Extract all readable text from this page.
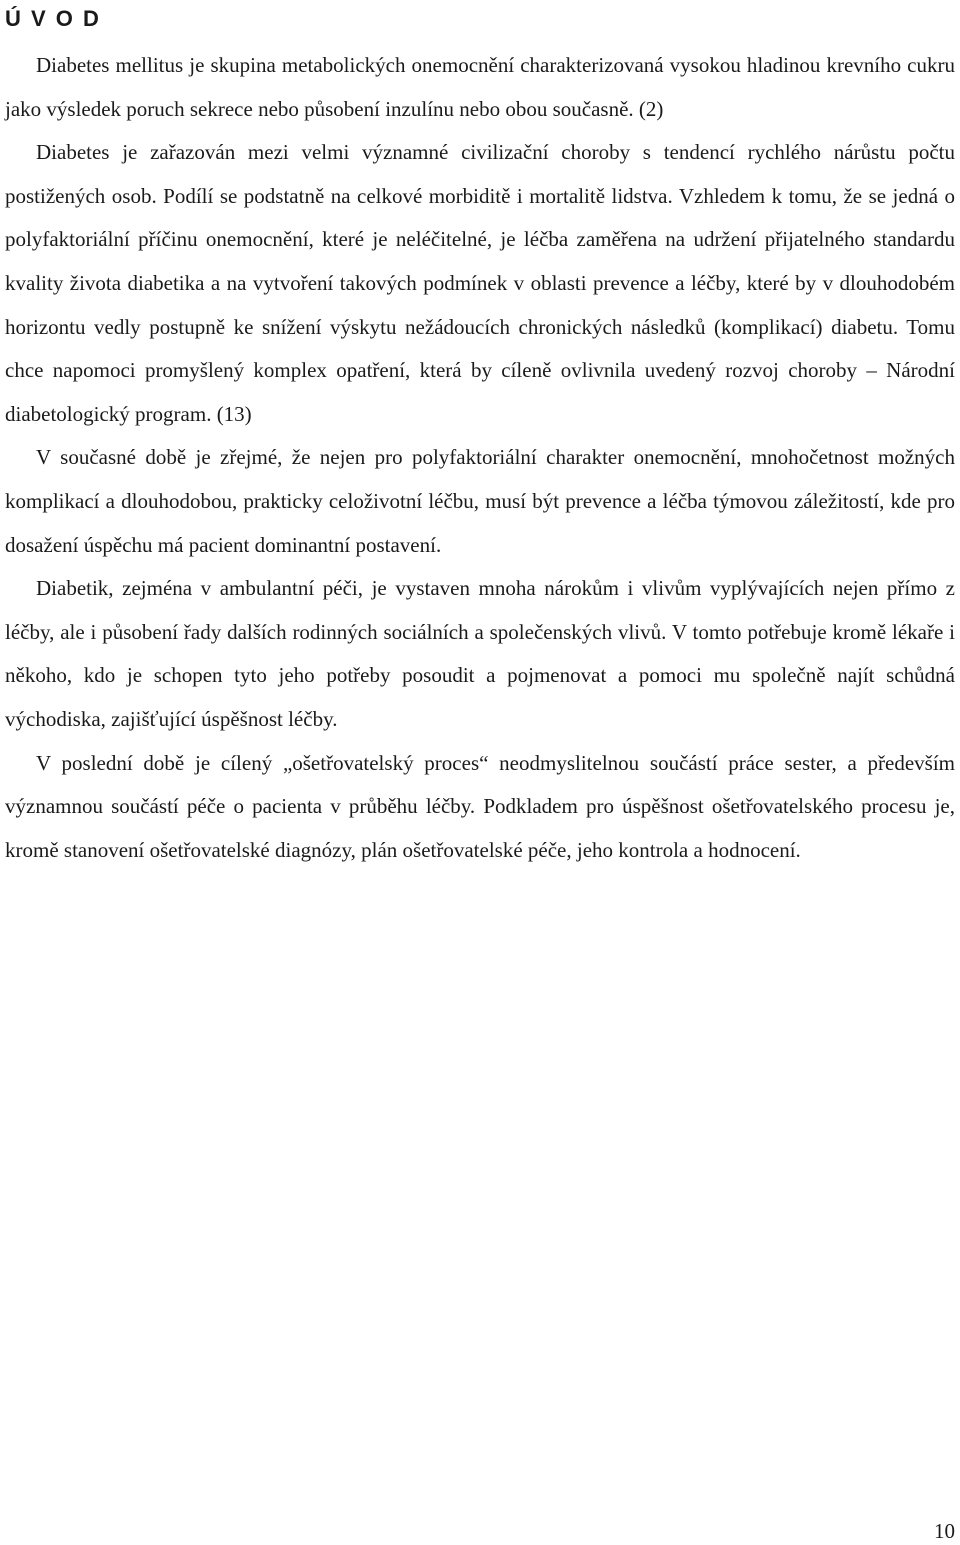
Ú V O D

Diabetes mellitus je skupina metabolických onemocnění charakterizovaná vysokou hladinou krevního cukru jako výsledek poruch sekrece nebo působení inzulínu nebo obou současně. (2)

Diabetes je zařazován mezi velmi významné civilizační choroby s tendencí rychlého nárůstu počtu postižených osob. Podílí se podstatně na celkové morbiditě i mortalitě lidstva. Vzhledem k tomu, že se jedná o polyfaktoriální příčinu onemocnění, které je neléčitelné, je léčba zaměřena na udržení přijatelného standardu kvality života diabetika a na vytvoření takových podmínek v oblasti prevence a léčby, které by v dlouhodobém horizontu vedly postupně ke snížení výskytu nežádoucích chronických následků (komplikací) diabetu. Tomu chce napomoci promyšlený komplex opatření, která by cíleně ovlivnila uvedený rozvoj choroby – Národní diabetologický program. (13)

V současné době je zřejmé, že nejen pro polyfaktoriální charakter onemocnění, mnohočetnost možných komplikací a dlouhodobou, prakticky celoživotní léčbu, musí být prevence a léčba týmovou záležitostí, kde pro dosažení úspěchu má pacient dominantní postavení.

Diabetik, zejména v ambulantní péči, je vystaven mnoha nárokům i vlivům vyplývajících nejen přímo z léčby, ale i působení řady dalších rodinných sociálních a společenských vlivů. V tomto potřebuje kromě lékaře i někoho, kdo je schopen tyto jeho potřeby posoudit a pojmenovat a pomoci mu společně najít schůdná východiska, zajišťující úspěšnost léčby.

V poslední době je cílený „ošetřovatelský proces“ neodmyslitelnou součástí práce sester, a především významnou součástí péče o pacienta v průběhu léčby. Podkladem pro úspěšnost ošetřovatelského procesu je, kromě stanovení ošetřovatelské diagnózy, plán ošetřovatelské péče, jeho kontrola a hodnocení.

10
